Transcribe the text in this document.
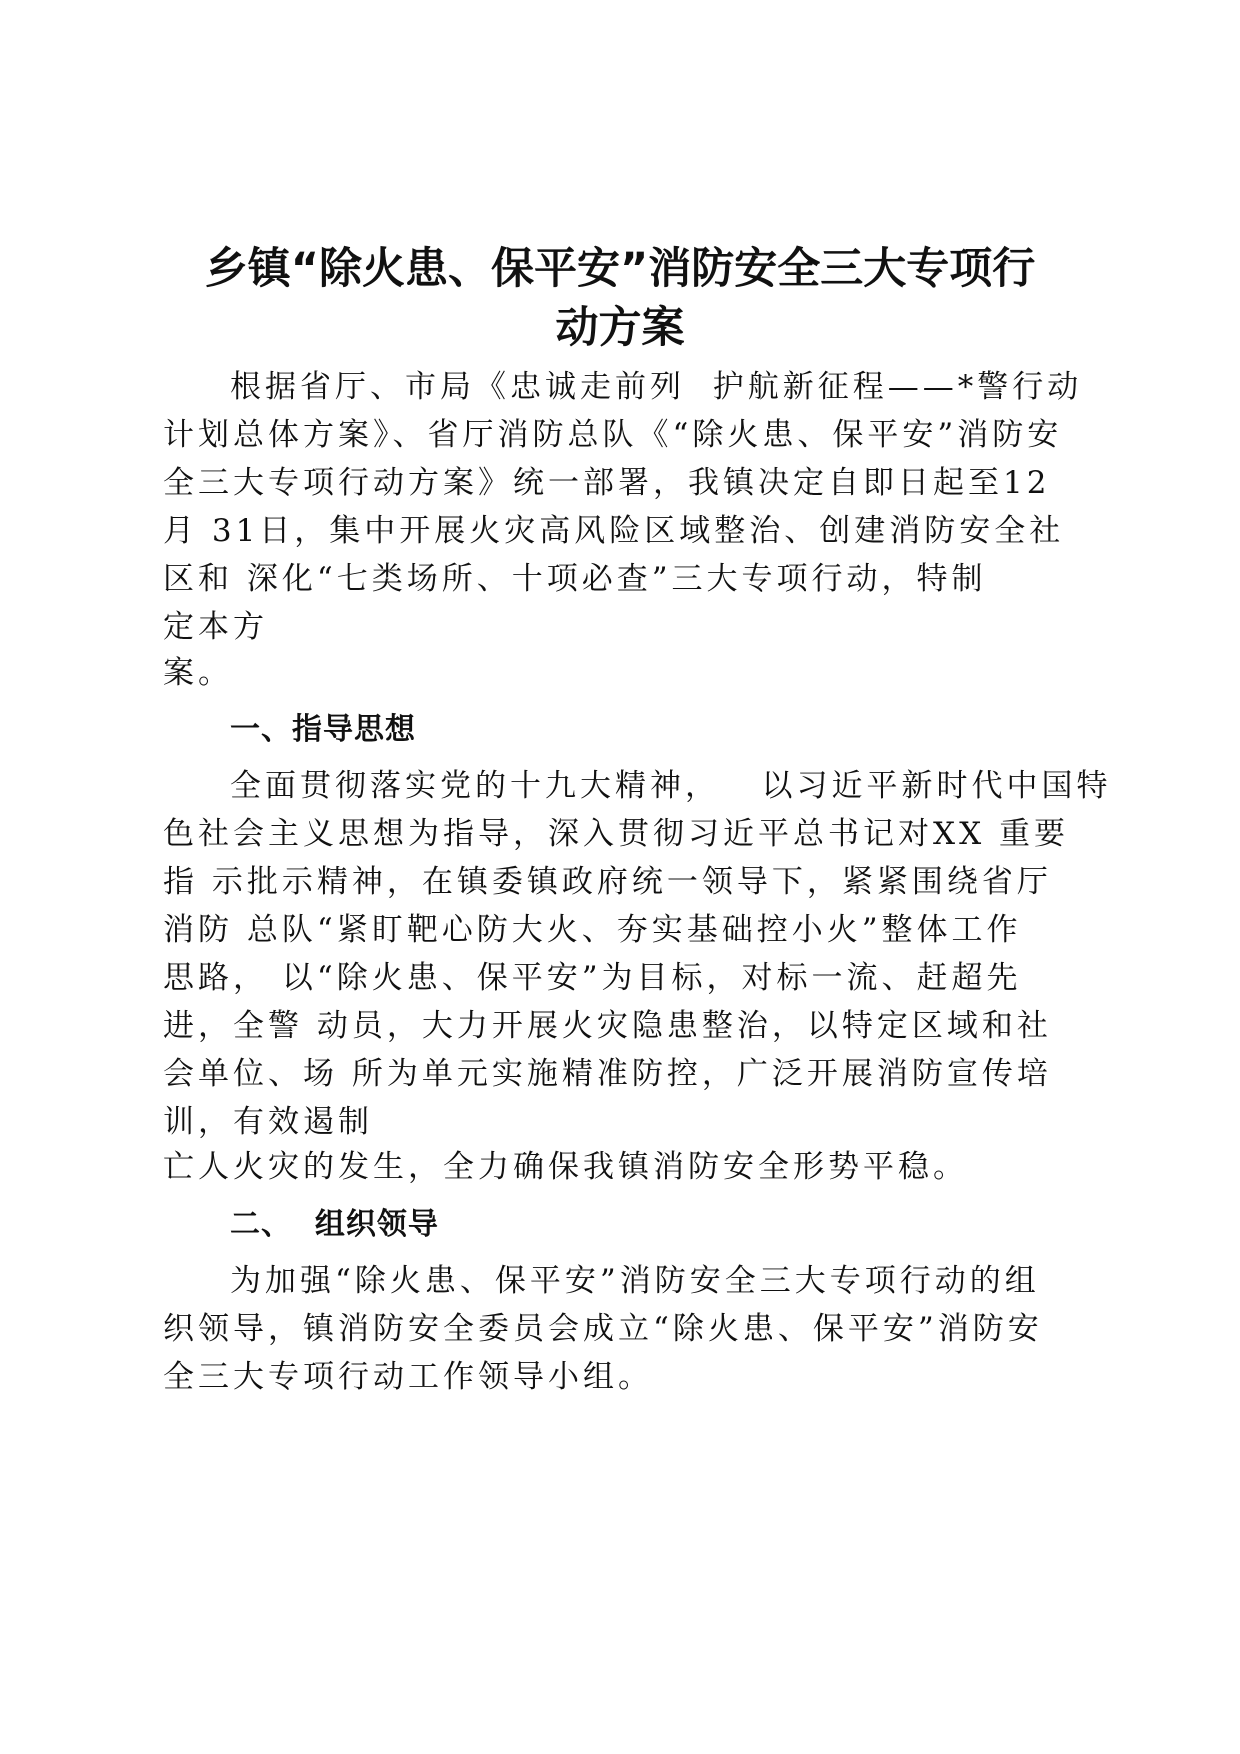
乡镇“除火患、保平安”消防安全三大专项行
动方案

根据省厅、市局《忠诚走前列  护航新征程——*警行动

计划总体方案》、省厅消防总队《“除火患、保平安”消防安

全三大专项行动方案》统一部署，我镇决定自即日起至12

月 31日，集中开展火灾高风险区域整治、创建消防安全社

区和 深化“七类场所、十项必查”三大专项行动，特制

定本方

案。

一、指导思想

全面贯彻落实党的十九大精神，   以习近平新时代中国特

色社会主义思想为指导，深入贯彻习近平总书记对XX 重要

指 示批示精神，在镇委镇政府统一领导下，紧紧围绕省厅

消防 总队“紧盯靶心防大火、夯实基础控小火”整体工作

思路， 以“除火患、保平安”为目标，对标一流、赶超先

进，全警 动员，大力开展火灾隐患整治，以特定区域和社

会单位、场 所为单元实施精准防控，广泛开展消防宣传培

训，有效遏制

亡人火灾的发生，全力确保我镇消防安全形势平稳。

二、  组织领导

为加强“除火患、保平安”消防安全三大专项行动的组

织领导，镇消防安全委员会成立“除火患、保平安”消防安

全三大专项行动工作领导小组。
